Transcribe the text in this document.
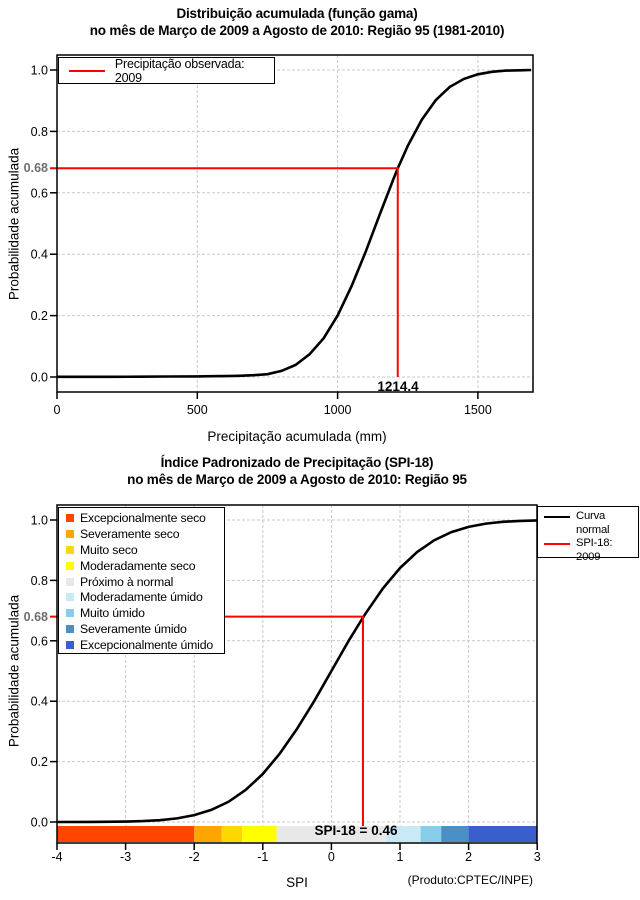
0	500	1000	1500
0.0
0.2
0.4
0.6
0.8
1.0
-4	-3	-2	-1	0	1	2	3
0.0
0.2
0.4
0.6
0.8
1.0
Distribuição acumulada (função gama)
no mês de Março de 2009 a Agosto de 2010: Região 95 (1981-2010)
Probabilidade acumulada
Precipitação acumulada (mm)
0.68
1214.4
Precipitação observada: 2009
Índice Padronizado de Precipitação (SPI-18)
no mês de Março de 2009 a Agosto de 2010: Região 95
Probabilidade acumulada
SPI	(Produto:CPTEC/INPE)
0.68
SPI-18 = 0.46
Excepcionalmente seco
Severamente seco
Muito seco
Moderadamente seco
Próximo à normal
Moderadamente úmido
Muito úmido
Severamente úmido
Excepcionalmente úmido
Curva
normal
SPI-18: 2009
